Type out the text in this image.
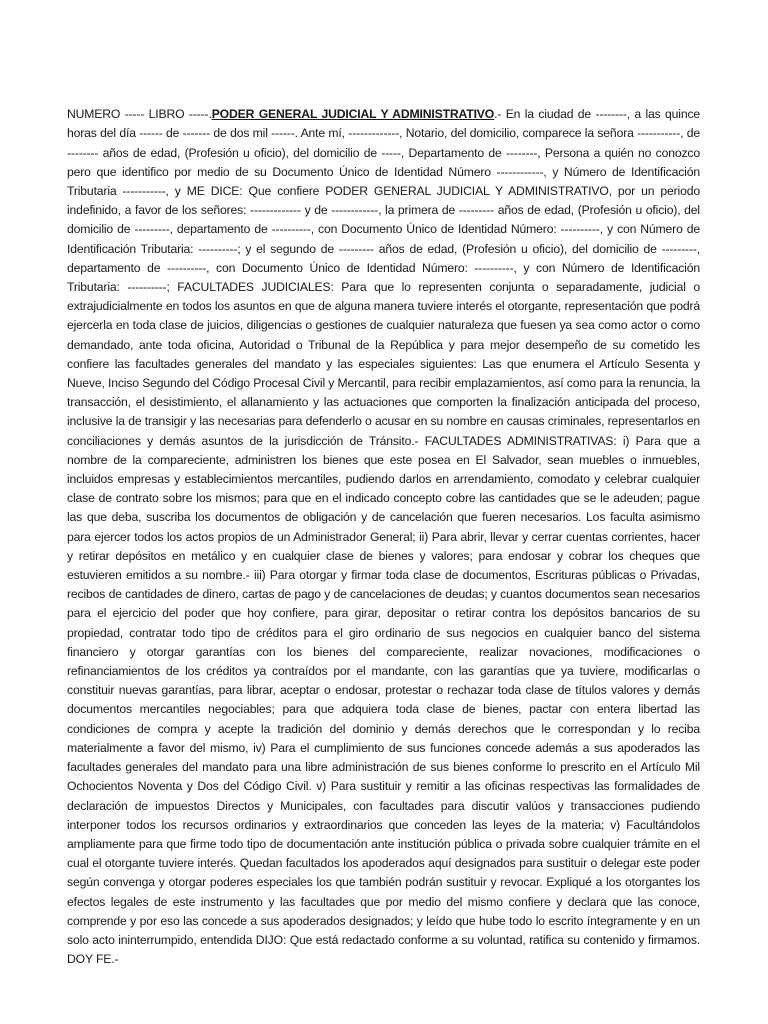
NUMERO ----- LIBRO -----.PODER GENERAL JUDICIAL Y ADMINISTRATIVO.- En la ciudad de --------, a las quince horas del día ------ de ------- de dos mil ------. Ante mí, -------------, Notario, del domicilio, comparece la señora -----------, de -------- años de edad, (Profesión u oficio), del domicilio de -----, Departamento de --------, Persona a quién no conozco pero que identifico por medio de su Documento Único de Identidad Número ------------, y Número de Identificación Tributaria -----------, y ME DICE: Que confiere PODER GENERAL JUDICIAL Y ADMINISTRATIVO, por un periodo indefinido, a favor de los señores: ------------- y de ------------, la primera de --------- años de edad, (Profesión u oficio), del domicilio de ---------, departamento de ----------, con Documento Único de Identidad Número: ----------, y con Número de Identificación Tributaria: ----------; y el segundo de --------- años de edad, (Profesión u oficio), del domicilio de ---------, departamento de ----------, con Documento Único de Identidad Número: ----------, y con Número de Identificación Tributaria: ----------; FACULTADES JUDICIALES: Para que lo representen conjunta o separadamente, judicial o extrajudicialmente en todos los asuntos en que de alguna manera tuviere interés el otorgante, representación que podrá ejercerla en toda clase de juicios, diligencias o gestiones de cualquier naturaleza que fuesen ya sea como actor o como demandado, ante toda oficina, Autoridad o Tribunal de la República y para mejor desempeño de su cometido les confiere las facultades generales del mandato y las especiales siguientes: Las que enumera el Artículo Sesenta y Nueve, Inciso Segundo del Código Procesal Civil y Mercantil, para recibir emplazamientos, así como para la renuncia, la transacción, el desistimiento, el allanamiento y las actuaciones que comporten la finalización anticipada del proceso, inclusive la de transigir y las necesarias para defenderlo o acusar en su nombre en causas criminales, representarlos en conciliaciones y demás asuntos de la jurisdicción de Tránsito.- FACULTADES ADMINISTRATIVAS: i) Para que a nombre de la compareciente, administren los bienes que este posea en El Salvador, sean muebles o inmuebles, incluidos empresas y establecimientos mercantiles, pudiendo darlos en arrendamiento, comodato y celebrar cualquier clase de contrato sobre los mismos; para que en el indicado concepto cobre las cantidades que se le adeuden; pague las que deba, suscriba los documentos de obligación y de cancelación que fueren necesarios. Los faculta asimismo para ejercer todos los actos propios de un Administrador General; ii) Para abrir, llevar y cerrar cuentas corrientes, hacer y retirar depósitos en metálico y en cualquier clase de bienes y valores; para endosar y cobrar los cheques que estuvieren emitidos a su nombre.- iii) Para otorgar y firmar toda clase de documentos, Escrituras públicas o Privadas, recibos de cantidades de dinero, cartas de pago y de cancelaciones de deudas; y cuantos documentos sean necesarios para el ejercicio del poder que hoy confiere, para girar, depositar o retirar contra los depósitos bancarios de su propiedad, contratar todo tipo de créditos para el giro ordinario de sus negocios en cualquier banco del sistema financiero y otorgar garantías con los bienes del compareciente, realizar novaciones, modificaciones o refinanciamientos de los créditos ya contraídos por el mandante, con las garantías que ya tuviere, modificarlas o constituir nuevas garantías, para librar, aceptar o endosar, protestar o rechazar toda clase de títulos valores y demás documentos mercantiles negociables; para que adquiera toda clase de bienes, pactar con entera libertad las condiciones de compra y acepte la tradición del dominio y demás derechos que le correspondan y lo reciba materialmente a favor del mismo, iv) Para el cumplimiento de sus funciones concede además a sus apoderados las facultades generales del mandato para una libre administración de sus bienes conforme lo prescrito en el Artículo Mil Ochocientos Noventa y Dos del Código Civil. v) Para sustituir y remitir a las oficinas respectivas las formalidades de declaración de impuestos Directos y Municipales, con facultades para discutir valúos y transacciones pudiendo interponer todos los recursos ordinarios y extraordinarios que conceden las leyes de la materia; v) Facultándolos ampliamente para que firme todo tipo de documentación ante institución pública o privada sobre cualquier trámite en el cual el otorgante tuviere interés. Quedan facultados los apoderados aquí designados para sustituir o delegar este poder según convenga y otorgar poderes especiales los que también podrán sustituir y revocar. Expliqué a los otorgantes los efectos legales de este instrumento y las facultades que por medio del mismo confiere y declara que las conoce, comprende y por eso las concede a sus apoderados designados; y leído que hube todo lo escrito íntegramente y en un solo acto ininterrumpido, entendida DIJO: Que está redactado conforme a su voluntad, ratifica su contenido y firmamos. DOY FE.-
